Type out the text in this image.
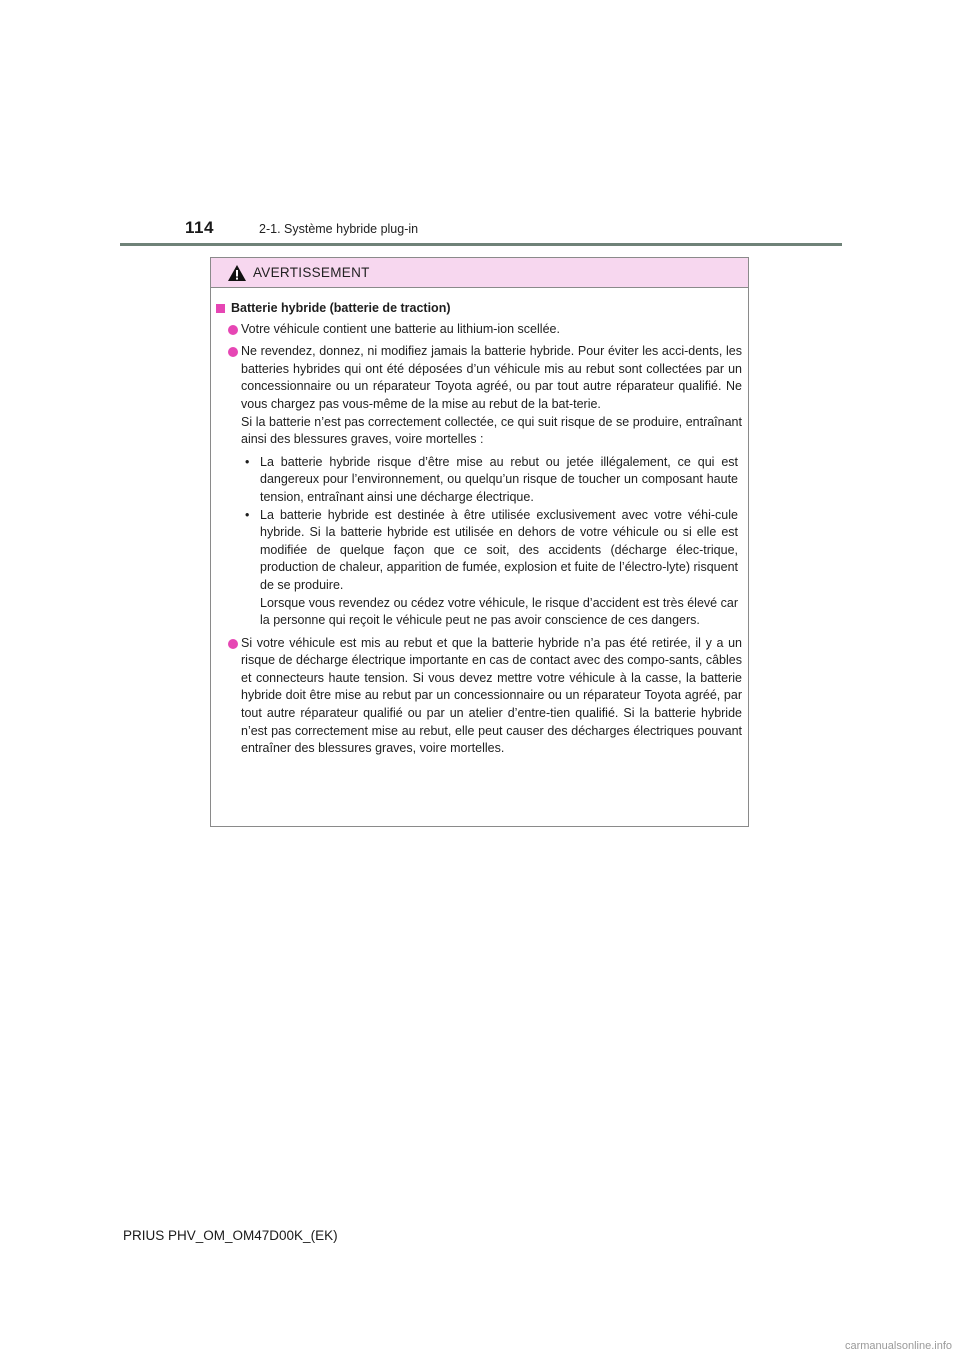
114	2-1. Système hybride plug-in
AVERTISSEMENT
Batterie hybride (batterie de traction)
Votre véhicule contient une batterie au lithium-ion scellée.
Ne revendez, donnez, ni modifiez jamais la batterie hybride. Pour éviter les acci-dents, les batteries hybrides qui ont été déposées d’un véhicule mis au rebut sont collectées par un concessionnaire ou un réparateur Toyota agréé, ou par tout autre réparateur qualifié. Ne vous chargez pas vous-même de la mise au rebut de la bat-terie.
Si la batterie n’est pas correctement collectée, ce qui suit risque de se produire, entraînant ainsi des blessures graves, voire mortelles :
• La batterie hybride risque d’être mise au rebut ou jetée illégalement, ce qui est dangereux pour l’environnement, ou quelqu’un risque de toucher un composant haute tension, entraînant ainsi une décharge électrique.
• La batterie hybride est destinée à être utilisée exclusivement avec votre véhi-cule hybride. Si la batterie hybride est utilisée en dehors de votre véhicule ou si elle est modifiée de quelque façon que ce soit, des accidents (décharge élec-trique, production de chaleur, apparition de fumée, explosion et fuite de l’électro-lyte) risquent de se produire.
Lorsque vous revendez ou cédez votre véhicule, le risque d’accident est très élevé car la personne qui reçoit le véhicule peut ne pas avoir conscience de ces dangers.
Si votre véhicule est mis au rebut et que la batterie hybride n’a pas été retirée, il y a un risque de décharge électrique importante en cas de contact avec des compo-sants, câbles et connecteurs haute tension. Si vous devez mettre votre véhicule à la casse, la batterie hybride doit être mise au rebut par un concessionnaire ou un réparateur Toyota agréé, par tout autre réparateur qualifié ou par un atelier d’entre-tien qualifié. Si la batterie hybride n’est pas correctement mise au rebut, elle peut causer des décharges électriques pouvant entraîner des blessures graves, voire mortelles.
PRIUS PHV_OM_OM47D00K_(EK)
carmanualsonline.info
